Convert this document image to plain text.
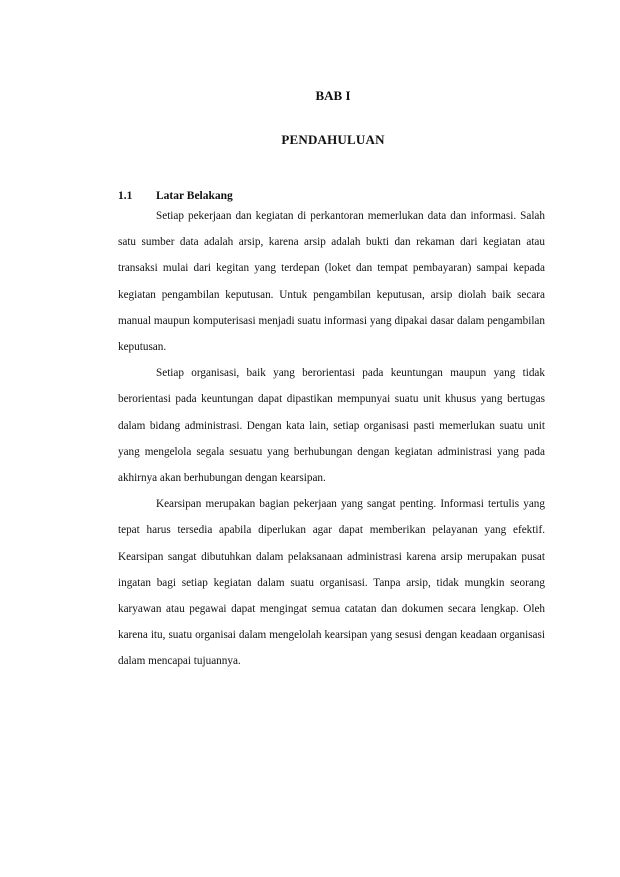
BAB I
PENDAHULUAN
1.1 Latar Belakang

Setiap pekerjaan dan kegiatan di perkantoran memerlukan data dan informasi. Salah satu sumber data adalah arsip, karena arsip adalah bukti dan rekaman dari kegiatan atau transaksi mulai dari kegitan yang terdepan (loket dan tempat pembayaran) sampai kepada kegiatan pengambilan keputusan. Untuk pengambilan keputusan, arsip diolah baik secara manual maupun komputerisasi menjadi suatu informasi yang dipakai dasar dalam pengambilan keputusan.

Setiap organisasi, baik yang berorientasi pada keuntungan maupun yang tidak berorientasi pada keuntungan dapat dipastikan mempunyai suatu unit khusus yang bertugas dalam bidang administrasi. Dengan kata lain, setiap organisasi pasti memerlukan suatu unit yang mengelola segala sesuatu yang berhubungan dengan kegiatan administrasi yang pada akhirnya akan berhubungan dengan kearsipan.

Kearsipan merupakan bagian pekerjaan yang sangat penting. Informasi tertulis yang tepat harus tersedia apabila diperlukan agar dapat memberikan pelayanan yang efektif. Kearsipan sangat dibutuhkan dalam pelaksanaan administrasi karena arsip merupakan pusat ingatan bagi setiap kegiatan dalam suatu organisasi. Tanpa arsip, tidak mungkin seorang karyawan atau pegawai dapat mengingat semua catatan dan dokumen secara lengkap. Oleh karena itu, suatu organisai dalam mengelolah kearsipan yang sesusi dengan keadaan organisasi dalam mencapai tujuannya.
